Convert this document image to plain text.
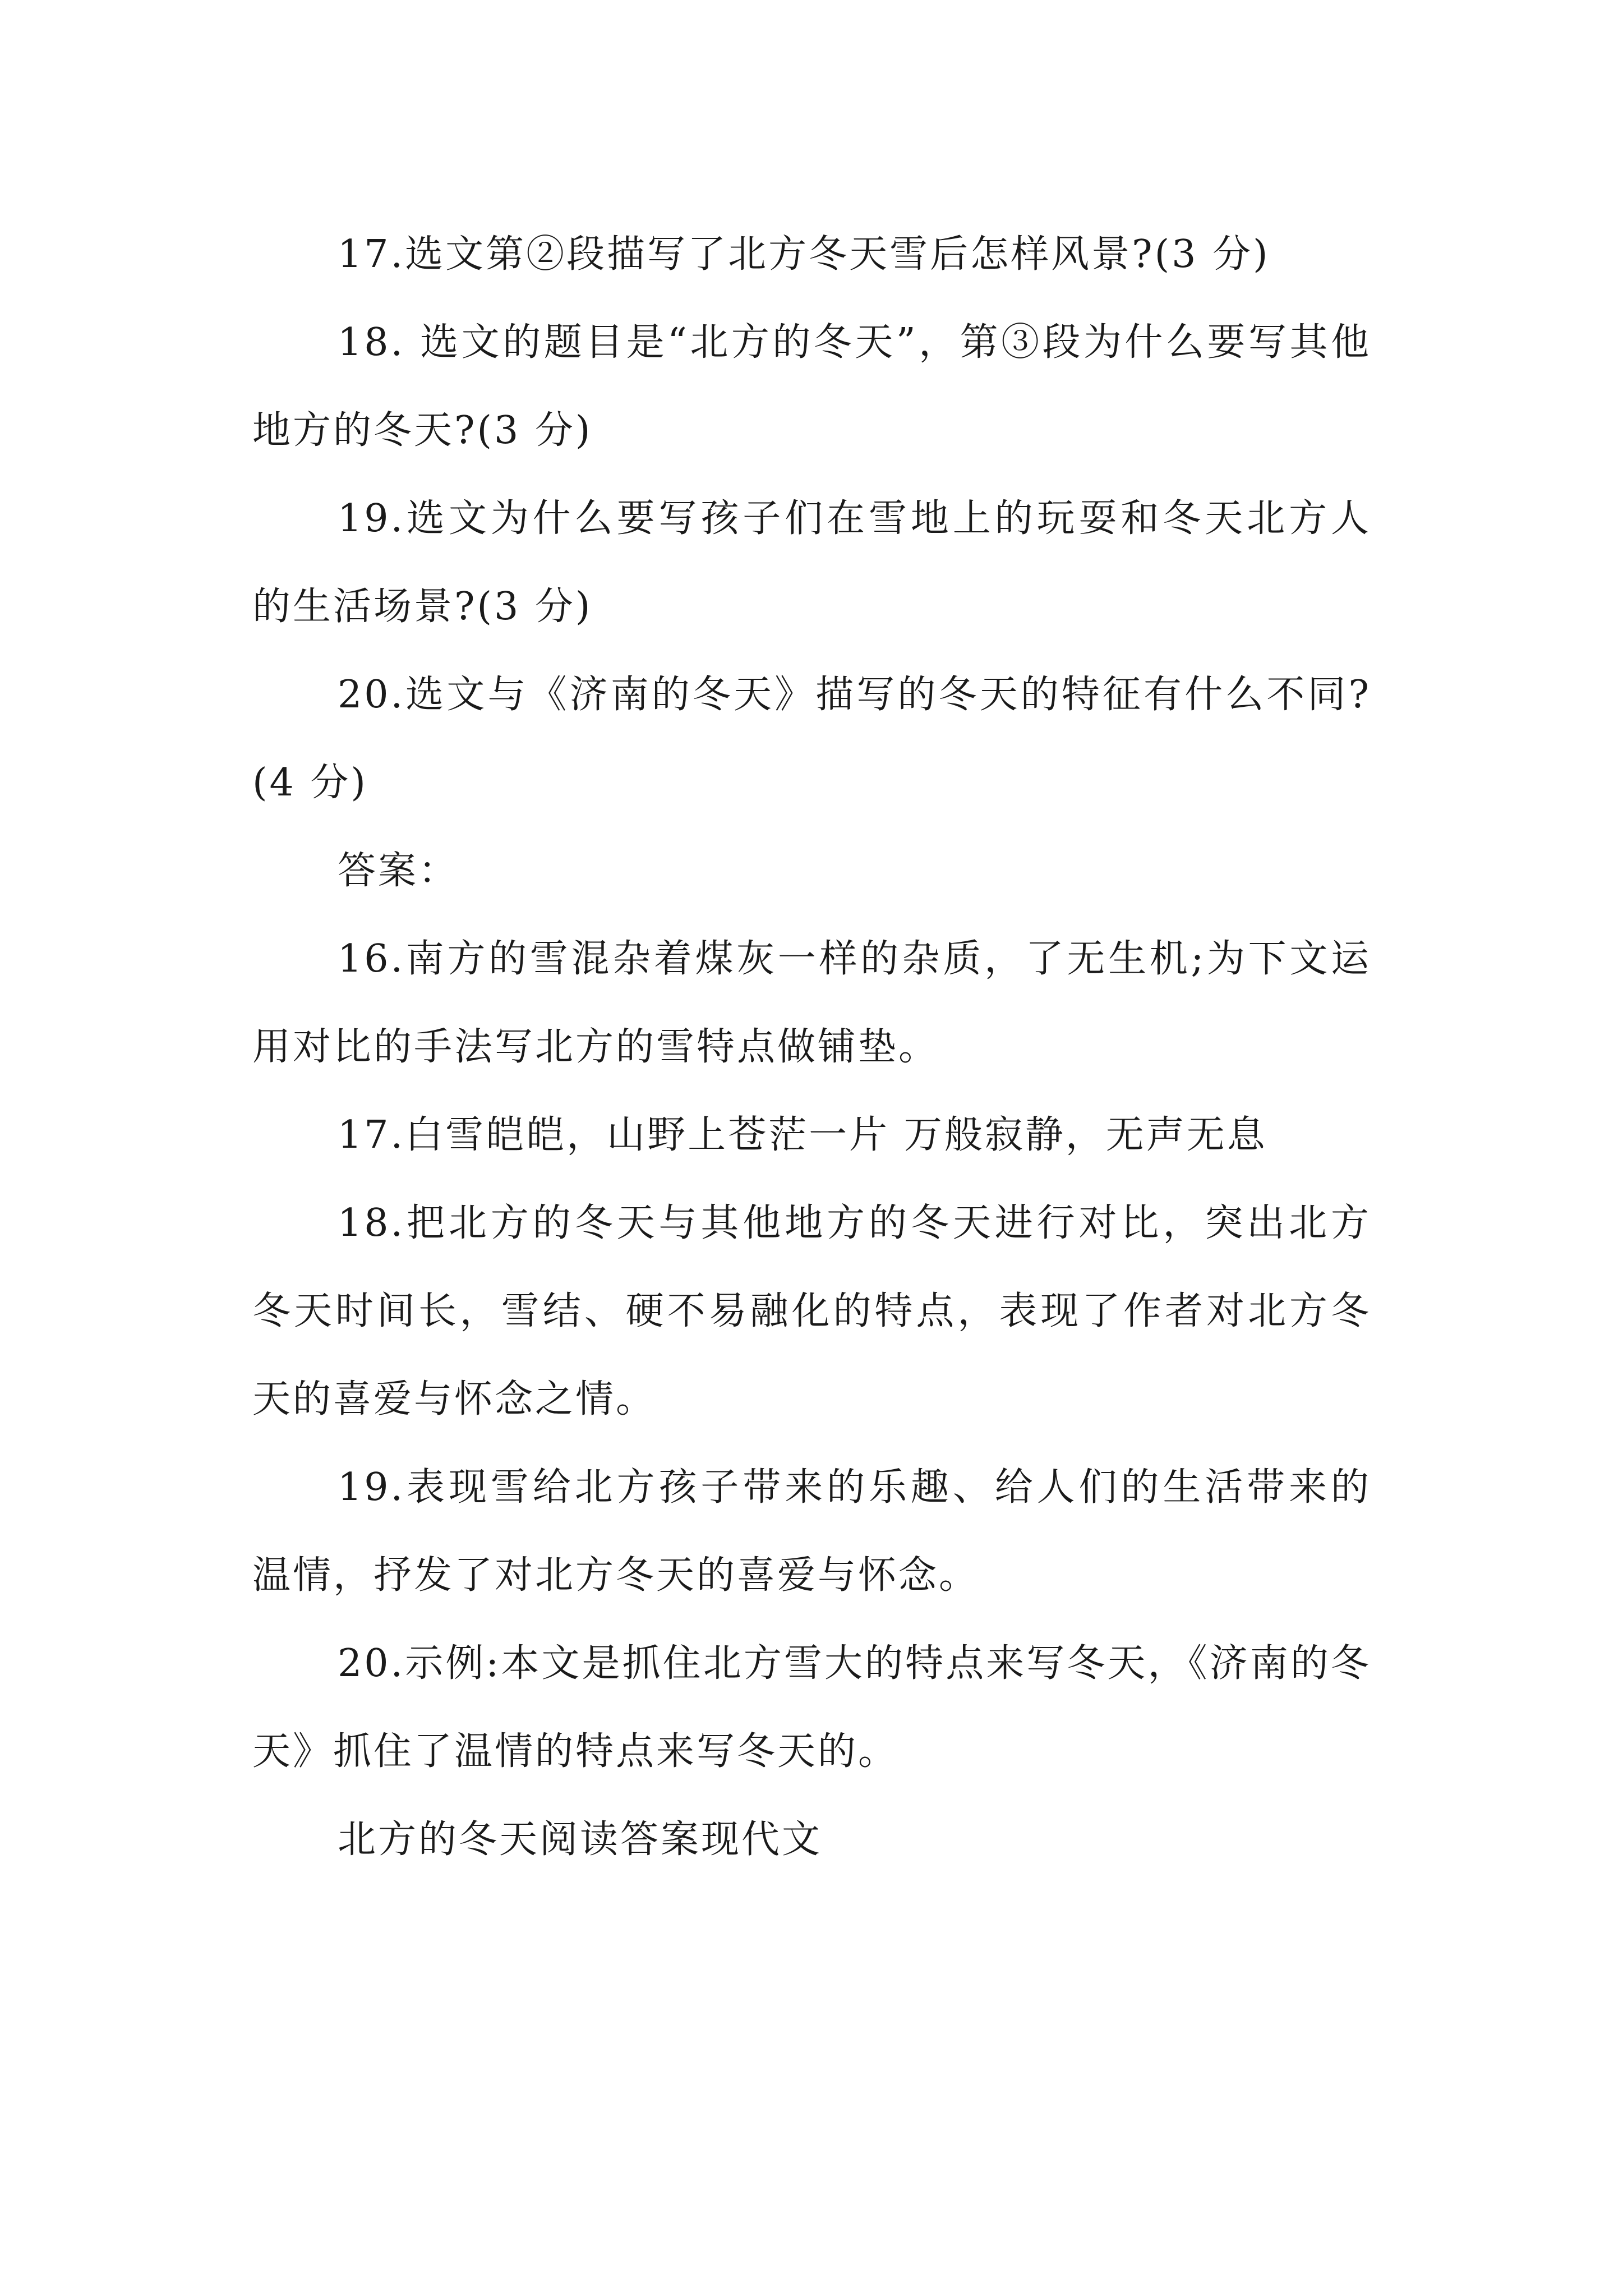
17.选文第②段描写了北方冬天雪后怎样风景?(3 分)

18. 选文的题目是“北方的冬天”，第③段为什么要写其他地方的冬天?(3 分)

19.选文为什么要写孩子们在雪地上的玩耍和冬天北方人的生活场景?(3 分)

20.选文与《济南的冬天》描写的冬天的特征有什么不同?(4 分)

答案：

16.南方的雪混杂着煤灰一样的杂质，了无生机;为下文运用对比的手法写北方的雪特点做铺垫。

17.白雪皑皑，山野上苍茫一片 万般寂静，无声无息

18.把北方的冬天与其他地方的冬天进行对比，突出北方冬天时间长，雪结、硬不易融化的特点，表现了作者对北方冬天的喜爱与怀念之情。

19.表现雪给北方孩子带来的乐趣、给人们的生活带来的温情，抒发了对北方冬天的喜爱与怀念。

20.示例:本文是抓住北方雪大的特点来写冬天，《济南的冬天》抓住了温情的特点来写冬天的。

北方的冬天阅读答案现代文
